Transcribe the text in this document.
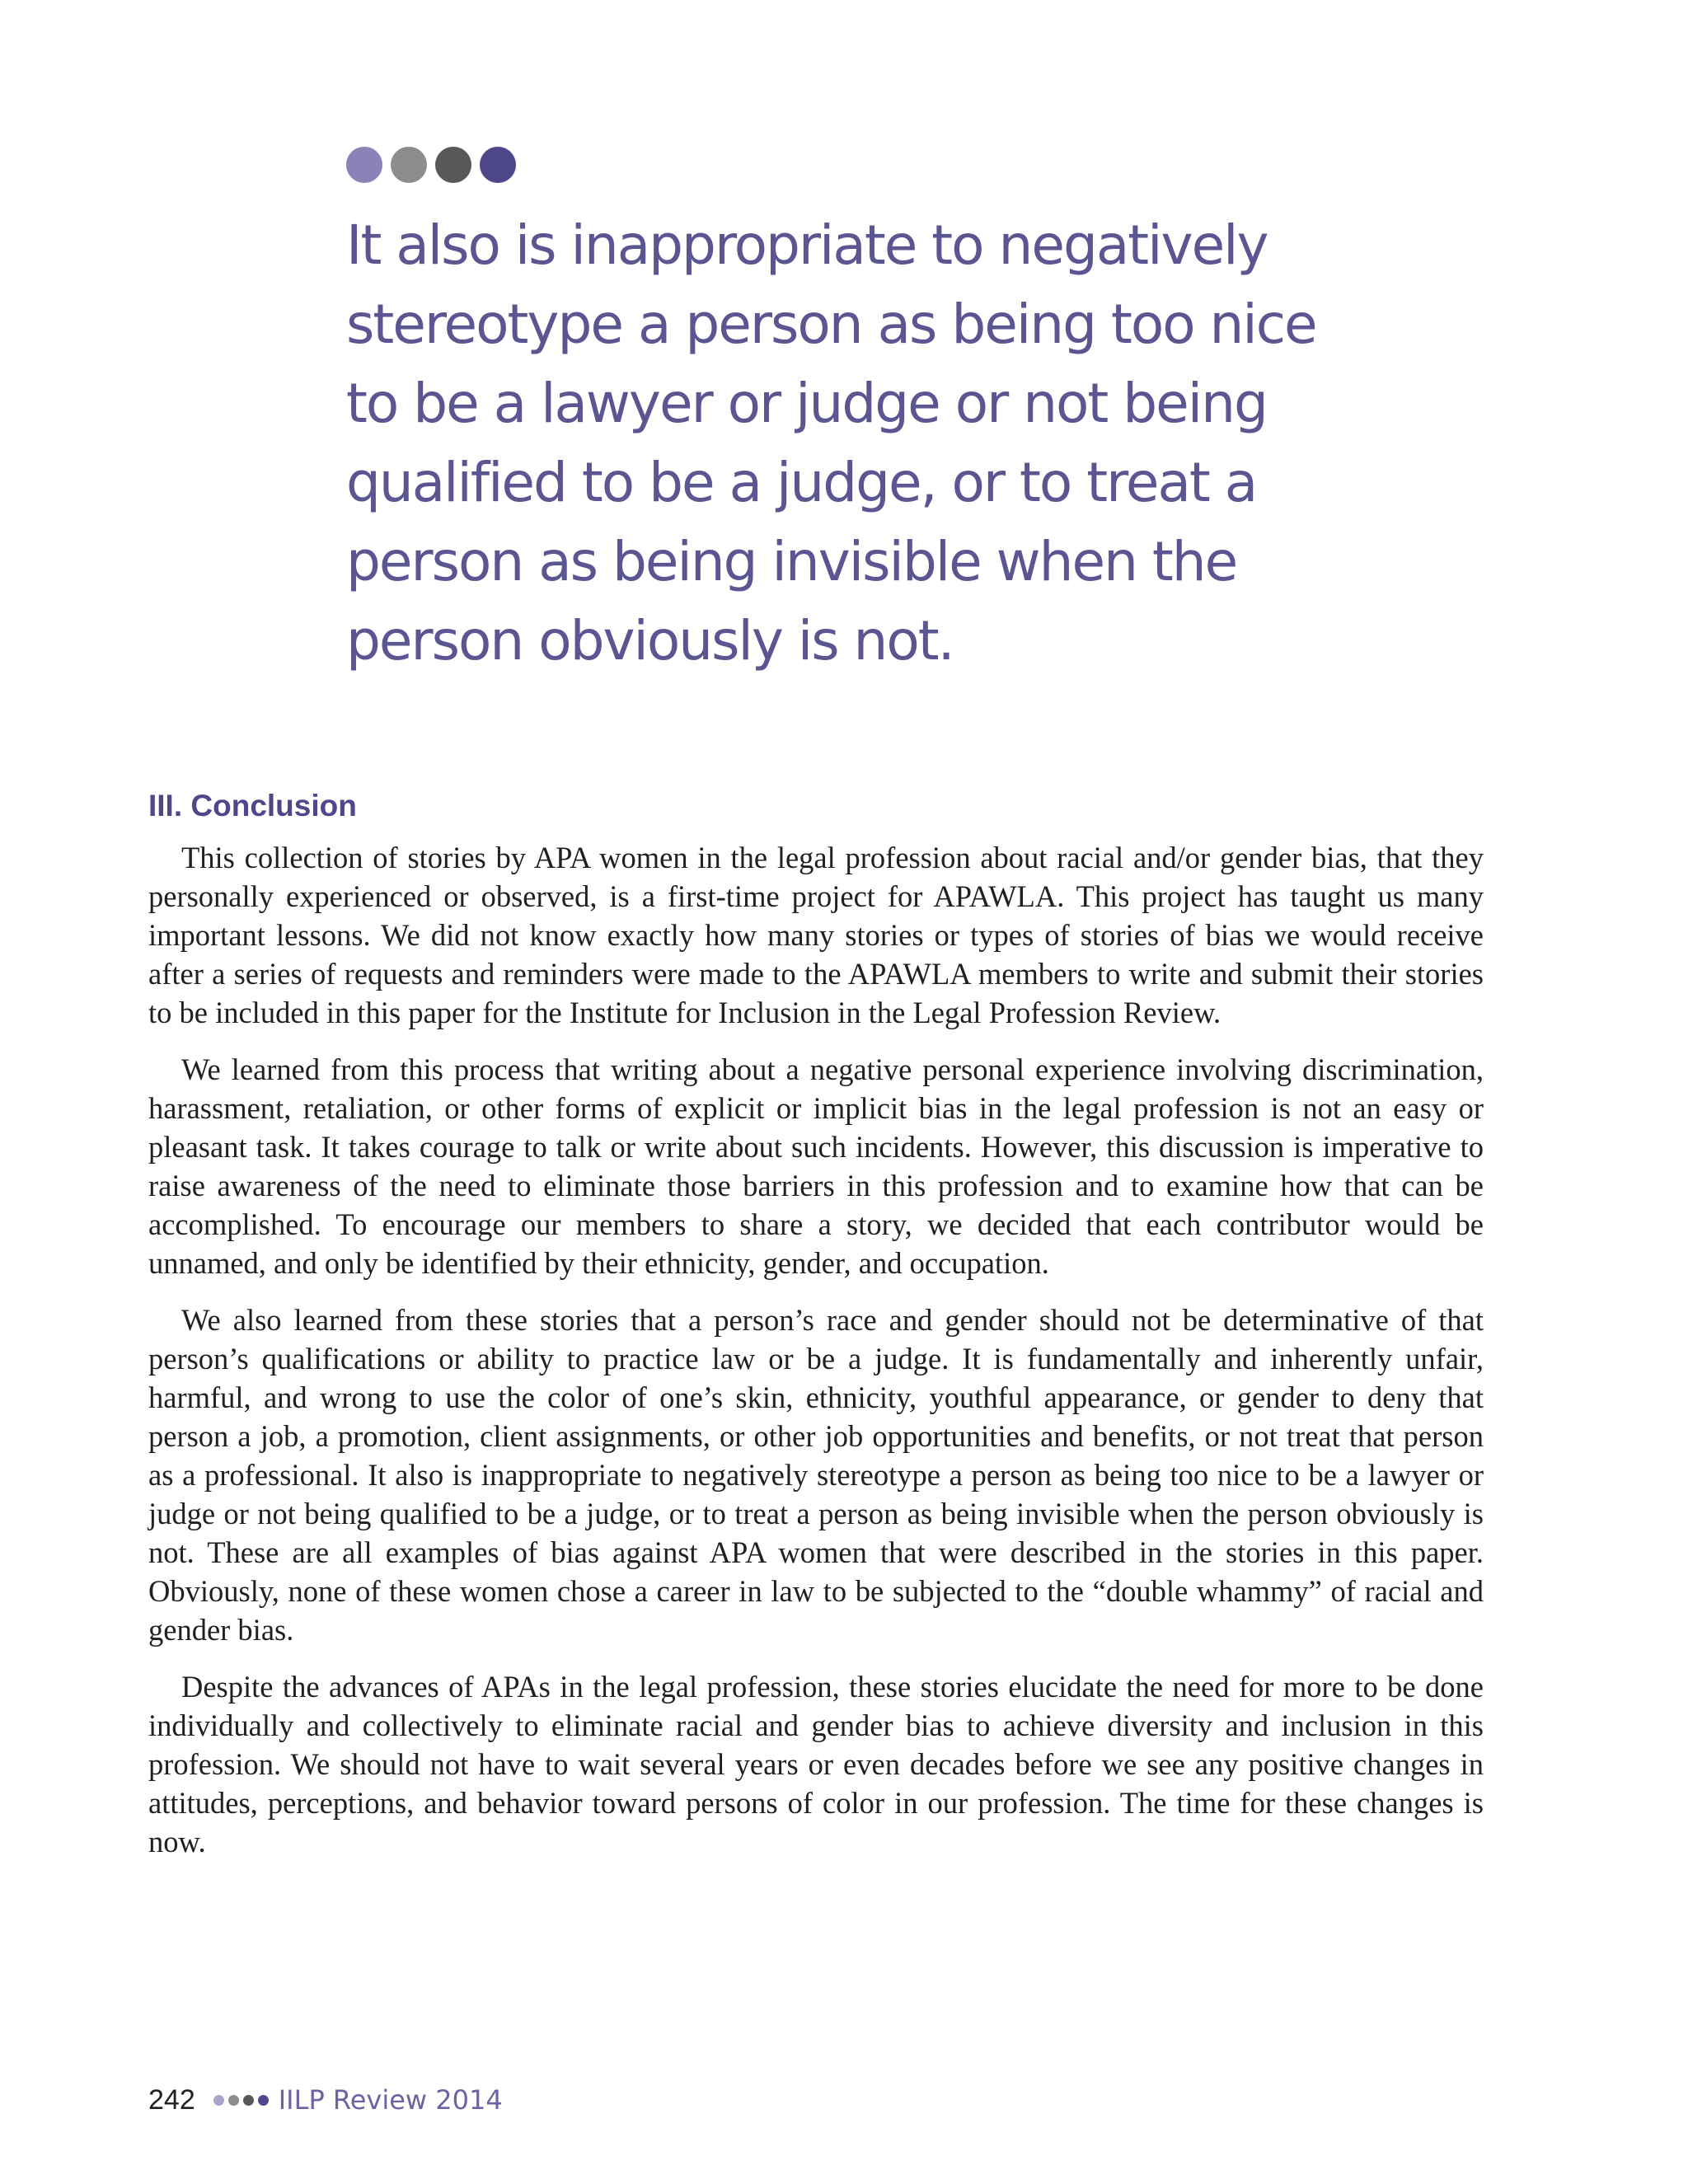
It also is inappropriate to negatively
stereotype a person as being too nice
to be a lawyer or judge or not being
qualified to be a judge, or to treat a
person as being invisible when the
person obviously is not.
III. Conclusion

This collection of stories by APA women in the legal profession about racial and/or gender bias, that they personally experienced or observed, is a first-time project for APAWLA. This project has taught us many important lessons. We did not know exactly how many stories or types of stories of bias we would receive after a series of requests and reminders were made to the APAWLA members to write and submit their stories to be included in this paper for the Institute for Inclusion in the Legal Profession Review.

We learned from this process that writing about a negative personal experience involving discrimination, harassment, retaliation, or other forms of explicit or implicit bias in the legal profession is not an easy or pleasant task. It takes courage to talk or write about such incidents. However, this discussion is imperative to raise awareness of the need to eliminate those barriers in this profession and to examine how that can be accomplished. To encourage our members to share a story, we decided that each contributor would be unnamed, and only be identified by their ethnicity, gender, and occupation.

We also learned from these stories that a person’s race and gender should not be determinative of that person’s qualifications or ability to practice law or be a judge. It is fundamentally and inherently unfair, harmful, and wrong to use the color of one’s skin, ethnicity, youthful appearance, or gender to deny that person a job, a promotion, client assignments, or other job opportunities and benefits, or not treat that person as a professional. It also is inappropriate to negatively stereotype a person as being too nice to be a lawyer or judge or not being qualified to be a judge, or to treat a person as being invisible when the person obviously is not. These are all examples of bias against APA women that were described in the stories in this paper. Obviously, none of these women chose a career in law to be subjected to the “double whammy” of racial and gender bias.

Despite the advances of APAs in the legal profession, these stories elucidate the need for more to be done individually and collectively to eliminate racial and gender bias to achieve diversity and inclusion in this profession. We should not have to wait several years or even decades before we see any positive changes in attitudes, perceptions, and behavior toward persons of color in our profession. The time for these changes is now.

242	IILP Review 2014
